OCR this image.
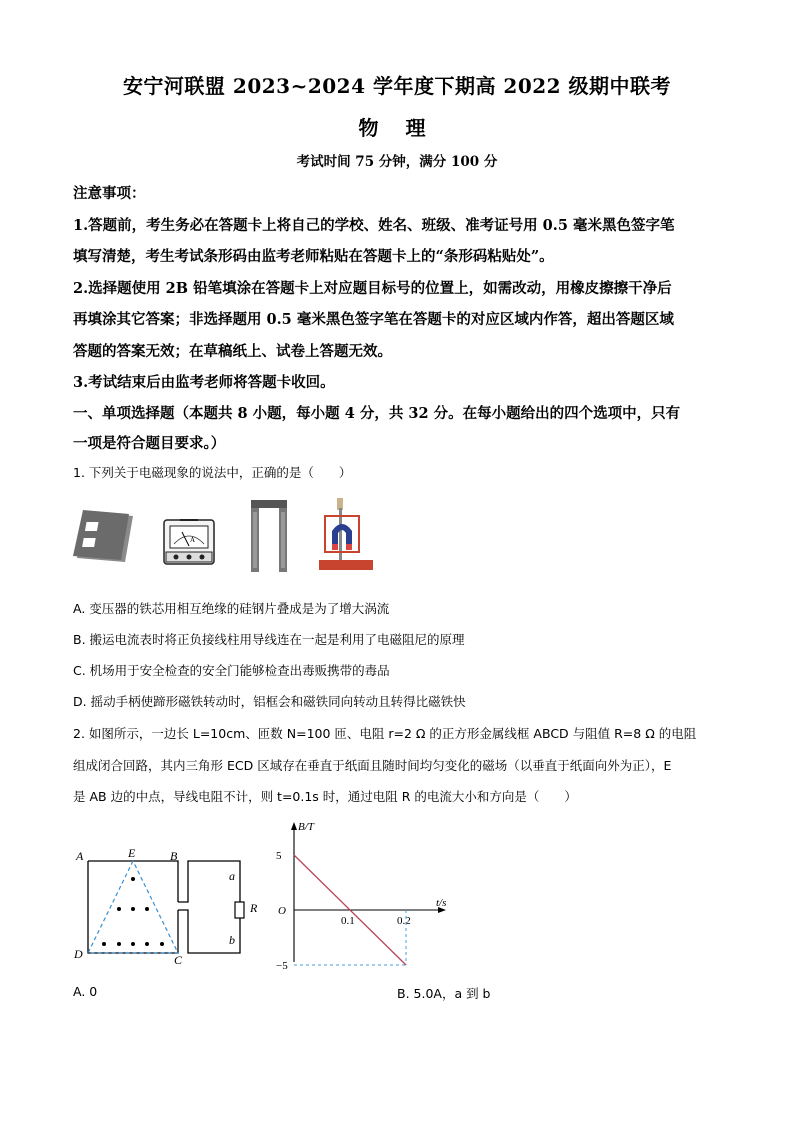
安宁河联盟 2023~2024 学年度下期高 2022 级期中联考
物 理
考试时间 75 分钟，满分 100 分
注意事项：
1.答题前，考生务必在答题卡上将自己的学校、姓名、班级、准考证号用 0.5 毫米黑色签字笔
填写清楚，考生考试条形码由监考老师粘贴在答题卡上的“条形码粘贴处”。
2.选择题使用 2B 铅笔填涂在答题卡上对应题目标号的位置上，如需改动，用橡皮擦擦干净后
再填涂其它答案；非选择题用 0.5 毫米黑色签字笔在答题卡的对应区域内作答，超出答题区域
答题的答案无效；在草稿纸上、试卷上答题无效。
3.考试结束后由监考老师将答题卡收回。
一、单项选择题（本题共 8 小题，每小题 4 分，共 32 分。在每小题给出的四个选项中，只有
一项是符合题目要求。）
1. 下列关于电磁现象的说法中，正确的是（　　）
A
A. 变压器的铁芯用相互绝缘的硅钢片叠成是为了增大涡流
B. 搬运电流表时将正负接线柱用导线连在一起是利用了电磁阻尼的原理
C. 机场用于安全检查的安全门能够检查出毒贩携带的毒品
D. 摇动手柄使蹄形磁铁转动时，铝框会和磁铁同向转动且转得比磁铁快
2. 如图所示，一边长 L=10cm、匝数 N=100 匝、电阻 r=2 Ω 的正方形金属线框 ABCD 与阻值 R=8 Ω 的电阻
组成闭合回路，其内三角形 ECD 区域存在垂直于纸面且随时间均匀变化的磁场（以垂直于纸面向外为正），E
是 AB 边的中点，导线电阻不计，则 t=0.1s 时，通过电阻 R 的电流大小和方向是（　　）
A	E	B
C
D
a
b
R
B/T
t/s
O
5
−5
0.1	0.2
A. 0	B. 5.0A，a 到 b
